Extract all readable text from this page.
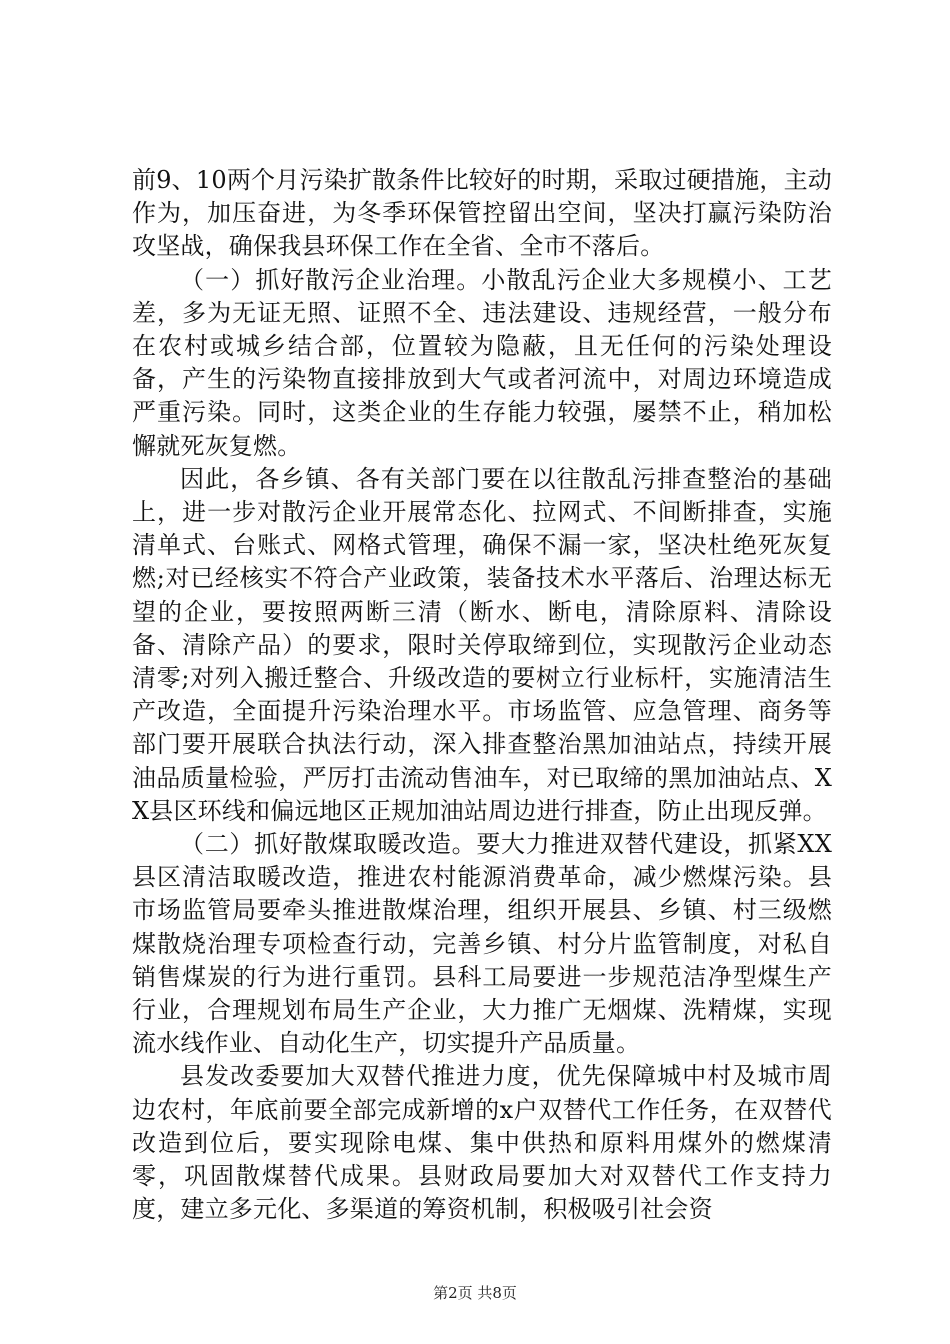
前9、10两个月污染扩散条件比较好的时期，采取过硬措施，主动作为，加压奋进，为冬季环保管控留出空间，坚决打赢污染防治攻坚战，确保我县环保工作在全省、全市不落后。

（一）抓好散污企业治理。小散乱污企业大多规模小、工艺差，多为无证无照、证照不全、违法建设、违规经营，一般分布在农村或城乡结合部，位置较为隐蔽，且无任何的污染处理设备，产生的污染物直接排放到大气或者河流中，对周边环境造成严重污染。同时，这类企业的生存能力较强，屡禁不止，稍加松懈就死灰复燃。

因此，各乡镇、各有关部门要在以往散乱污排查整治的基础上，进一步对散污企业开展常态化、拉网式、不间断排查，实施清单式、台账式、网格式管理，确保不漏一家，坚决杜绝死灰复燃;对已经核实不符合产业政策，装备技术水平落后、治理达标无望的企业，要按照两断三清（断水、断电，清除原料、清除设备、清除产品）的要求，限时关停取缔到位，实现散污企业动态清零;对列入搬迁整合、升级改造的要树立行业标杆，实施清洁生产改造，全面提升污染治理水平。市场监管、应急管理、商务等部门要开展联合执法行动，深入排查整治黑加油站点，持续开展油品质量检验，严厉打击流动售油车，对已取缔的黑加油站点、XX县区环线和偏远地区正规加油站周边进行排查，防止出现反弹。

（二）抓好散煤取暖改造。要大力推进双替代建设，抓紧XX县区清洁取暖改造，推进农村能源消费革命，减少燃煤污染。县市场监管局要牵头推进散煤治理，组织开展县、乡镇、村三级燃煤散烧治理专项检查行动，完善乡镇、村分片监管制度，对私自销售煤炭的行为进行重罚。县科工局要进一步规范洁净型煤生产行业，合理规划布局生产企业，大力推广无烟煤、洗精煤，实现流水线作业、自动化生产，切实提升产品质量。

县发改委要加大双替代推进力度，优先保障城中村及城市周边农村，年底前要全部完成新增的x户双替代工作任务，在双替代改造到位后，要实现除电煤、集中供热和原料用煤外的燃煤清零，巩固散煤替代成果。县财政局要加大对双替代工作支持力度，建立多元化、多渠道的筹资机制，积极吸引社会资

第2页 共8页
